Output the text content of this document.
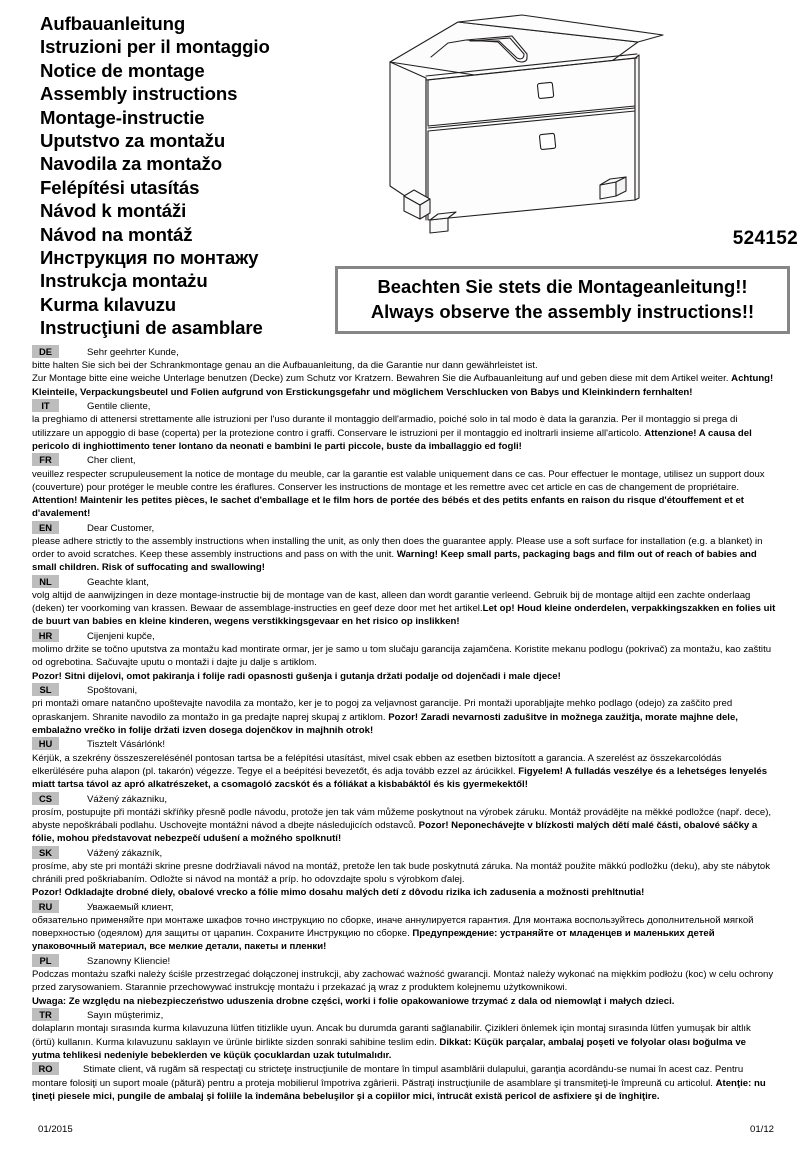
Aufbauanleitung
Istruzioni per il montaggio
Notice de montage
Assembly instructions
Montage-instructie
Uputstvo za montažu
Navodila za montažo
Felépítési utasítás
Návod k montáži
Návod na montáž
Инструкция по монтажу
Instrukcja montażu
Kurma kılavuzu
Instrucţiuni de asamblare
524152
Beachten Sie stets die Montageanleitung!!
Always observe the assembly instructions!!
DE	Sehr geehrter Kunde,
bitte halten Sie sich bei der Schrankmontage genau an die Aufbauanleitung, da die Garantie nur dann gewährleistet ist.
Zur Montage bitte eine weiche Unterlage benutzen (Decke) zum Schutz vor Kratzern. Bewahren Sie die Aufbauanleitung auf und geben diese mit dem Artikel weiter. Achtung! Kleinteile, Verpackungsbeutel und Folien aufgrund von Erstickungsgefahr und möglichem Verschlucken von Babys und Kleinkindern fernhalten!
IT	Gentile cliente,
la preghiamo di attenersi strettamente alle istruzioni per l'uso durante il montaggio dell'armadio, poiché solo in tal modo è data la garanzia. Per il montaggio si prega di utilizzare un appoggio di base (coperta) per la protezione contro i graffi. Conservare le istruzioni per il montaggio ed inoltrarli insieme all'articolo. Attenzione! A causa del pericolo di inghiottimento tener lontano da neonati e bambini le parti piccole, buste da imballaggio ed fogli!
FR	Cher client,
veuillez respecter scrupuleusement la notice de montage du meuble, car la garantie est valable uniquement dans ce cas. Pour effectuer le montage, utilisez un support doux (couverture) pour protéger le meuble contre les éraflures. Conserver les instructions de montage et les remettre avec cet article en cas de changement de propriétaire. Attention! Maintenir les petites pièces, le sachet d'emballage et le film hors de portée des bébés et des petits enfants en raison du risque d'étouffement et et d'avalement!
EN	Dear Customer,
please adhere strictly to the assembly instructions when installing the unit, as only then does the guarantee apply. Please use a soft surface for installation (e.g. a blanket) in order to avoid scratches. Keep these assembly instructions and pass on with the unit. Warning! Keep small parts, packaging bags and film out of reach of babies and small children. Risk of suffocating and swallowing!
NL	Geachte klant,
volg altijd de aanwijzingen in deze montage-instructie bij de montage van de kast, alleen dan wordt garantie verleend. Gebruik bij de montage altijd een zachte onderlaag (deken) ter voorkoming van krassen. Bewaar de assemblage-instructies en geef deze door met het artikel.Let op! Houd kleine onderdelen, verpakkingszakken en folies uit de buurt van babies en kleine kinderen, wegens verstikkingsgevaar en het risico op inslikken!
HR	Cijenjeni kupče,
molimo držite se točno uputstva za montažu kad montirate ormar, jer je samo u tom slučaju garancija zajamčena. Koristite mekanu podlogu (pokrivač) za montažu, kao zaštitu od ogrebotina. Sačuvajte uputu o montaži i dajte ju dalje s artiklom.
Pozor! Sitni dijelovi, omot pakiranja i folije radi opasnosti gušenja i gutanja držati podalje od dojenčadi i male djece!
SL	Spoštovani,
pri montaži omare natančno upoštevajte navodila za montažo, ker je to pogoj za veljavnost garancije. Pri montaži uporabljajte mehko podlago (odejo) za zaščito pred opraskanjem. Shranite navodilo za montažo in ga predajte naprej skupaj z artiklom. Pozor! Zaradi nevarnosti zadušitve in možnega zaužitja, morate majhne dele, embalažno vrečko in folije držati izven dosega dojenčkov in majhnih otrok!
HU	Tisztelt Vásárlónk!
Kérjük, a szekrény összeszerelésénél pontosan tartsa be a felépítési utasítást, mivel csak ebben az esetben biztosított a garancia. A szerelést az összekarcolódás elkerülésére puha alapon (pl. takarón) végezze. Tegye el a beépítési bevezetőt, és adja tovább ezzel az árúcikkel. Figyelem! A fulladás veszélye és a lehetséges lenyelés miatt tartsa távol az apró alkatrészeket, a csomagoló zacskót és a fóliákat a kisbabáktól és kis gyermekektől!
CS	Vážený zákazniku,
prosím, postupujte při montáži skříňky přesně podle návodu, protože jen tak vám můžeme poskytnout na výrobek záruku. Montáž provádějte na měkké podložce (např. dece), abyste nepoškrábali podlahu. Uschovejte montážni návod a dbejte následujicích odstavců. Pozor! Neponechávejte v blízkosti malých dětí malé části, obalové sáčky a fólie, mohou představovat nebezpečí udušení a možného spolknutí!
SK	Vážený zákazník,
prosíme, aby ste pri montáži skrine presne dodržiavali návod na montáž, pretože len tak bude poskytnutá záruka. Na montáž použite mäkkú podložku (deku), aby ste nábytok chránili pred poškriabaním. Odložte si návod na montáž a príp. ho odovzdajte spolu s výrobkom ďalej.
Pozor! Odkladajte drobné diely, obalové vrecko a fólie mimo dosahu malých detí z dôvodu rizika ich zadusenia a možnosti prehltnutia!
RU	Уважаемый клиент,
обязательно применяйте при монтаже шкафов точно инструкцию по сборке, иначе аннулируется гарантия. Для монтажа воспользуйтесь дополнительной мягкой поверхностью (одеялом) для защиты от царапин. Сохраните Инструкцию по сборке. Предупреждение: устраняйте от младенцев и маленьких детей упаковочный материал, все мелкие детали, пакеты и пленки!
PL	Szanowny Kliencie!
Podczas montażu szafki należy ściśle przestrzegać dołączonej instrukcji, aby zachować ważność gwarancji. Montaż należy wykonać na miękkim podłożu (koc) w celu ochrony przed zarysowaniem. Starannie przechowywać instrukcję montażu i przekazać ją wraz z produktem kolejnemu użytkownikowi.
Uwaga: Ze względu na niebezpieczeństwo uduszenia drobne części, worki i folie opakowaniowe trzymać z dala od niemowląt i małych dzieci.
TR	Sayın müşterimiz,
dolapların montajı sırasında kurma kılavuzuna lütfen titizlikle uyun. Ancak bu durumda garanti sağlanabilir. Çizikleri önlemek için montaj sırasında lütfen yumuşak bir altlık (örtü) kullanın. Kurma kılavuzunu saklayın ve ürünle birlikte sizden sonraki sahibine teslim edin. Dikkat: Küçük parçalar, ambalaj poşeti ve folyolar olası boğulma ve yutma tehlikesi nedeniyle bebeklerden ve küçük çocuklardan uzak tutulmalıdır.
RO	Stimate client, vă rugăm să respectaţi cu stricteţe instrucţiunile de montare în timpul asamblării dulapului, garanţia acordându-se numai în acest caz. Pentru montare folosiţi un suport moale (pătură) pentru a proteja mobilierul împotriva zgârierii. Păstraţi instrucţiunile de asamblare şi transmiteţi-le împreună cu articolul. Atenţie: nu ţineţi piesele mici, pungile de ambalaj şi foliile la îndemâna bebeluşilor şi a copiilor mici, întrucât există pericol de asfixiere şi de înghiţire.
01/2015	01/12
